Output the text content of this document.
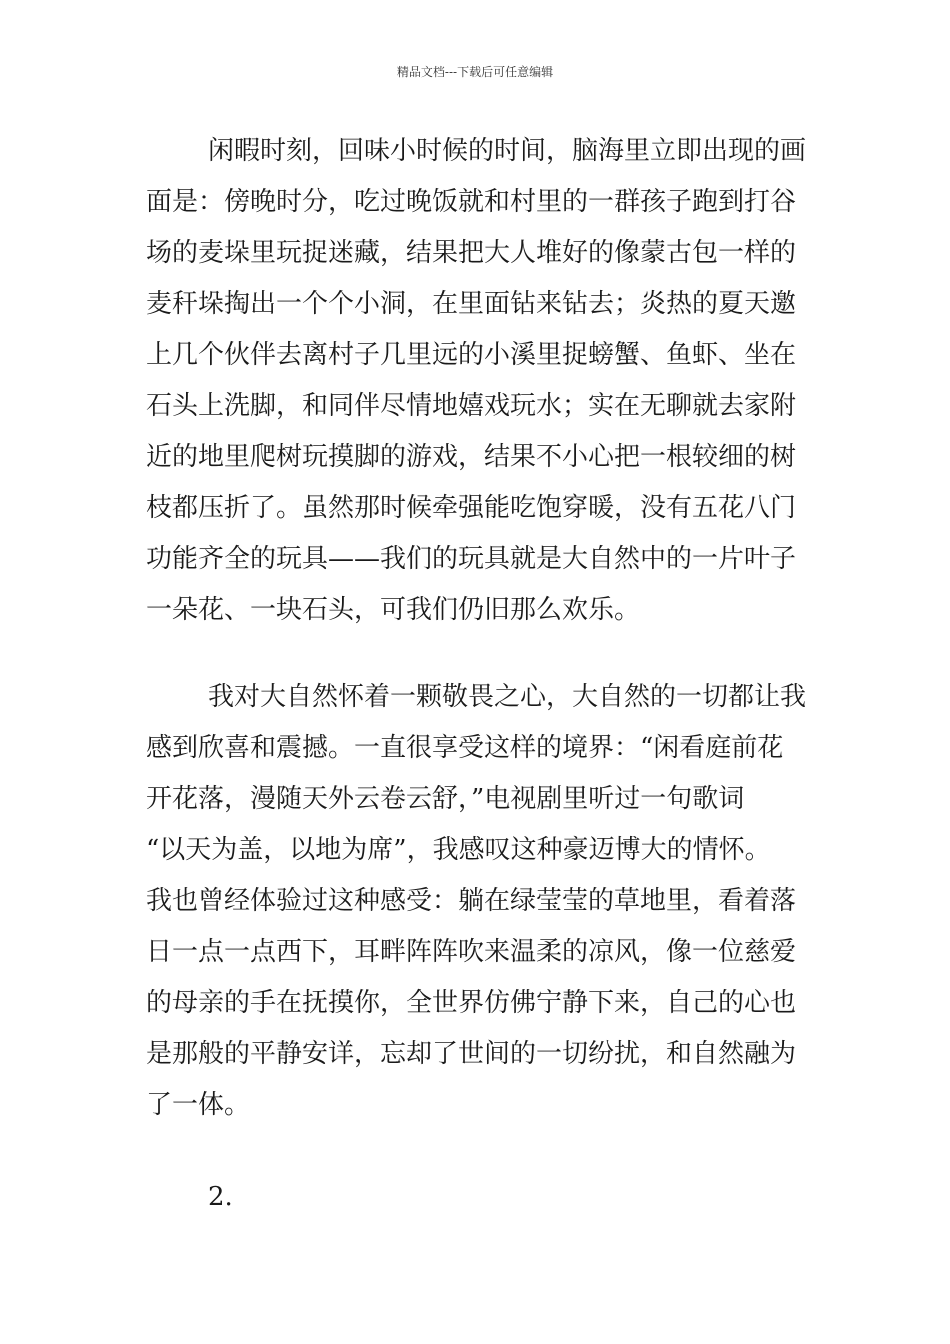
精品文档---下载后可任意编辑
闲暇时刻，回味小时候的时间，脑海里立即出现的画
面是：傍晚时分，吃过晚饭就和村里的一群孩子跑到打谷
场的麦垛里玩捉迷藏，结果把大人堆好的像蒙古包一样的
麦秆垛掏出一个个小洞，在里面钻来钻去；炎热的夏天邀
上几个伙伴去离村子几里远的小溪里捉螃蟹、鱼虾、坐在
石头上洗脚，和同伴尽情地嬉戏玩水；实在无聊就去家附
近的地里爬树玩摸脚的游戏，结果不小心把一根较细的树
枝都压折了。虽然那时候牵强能吃饱穿暖，没有五花八门
功能齐全的玩具——我们的玩具就是大自然中的一片叶子
一朵花、一块石头，可我们仍旧那么欢乐。
我对大自然怀着一颗敬畏之心，大自然的一切都让我
感到欣喜和震撼。一直很享受这样的境界：“闲看庭前花
开花落，漫随天外云卷云舒，”电视剧里听过一句歌词
“以天为盖，以地为席”，我感叹这种豪迈博大的情怀。
我也曾经体验过这种感受：躺在绿莹莹的草地里，看着落
日一点一点西下，耳畔阵阵吹来温柔的凉风，像一位慈爱
的母亲的手在抚摸你，全世界仿佛宁静下来，自己的心也
是那般的平静安详，忘却了世间的一切纷扰，和自然融为
了一体。
2.
